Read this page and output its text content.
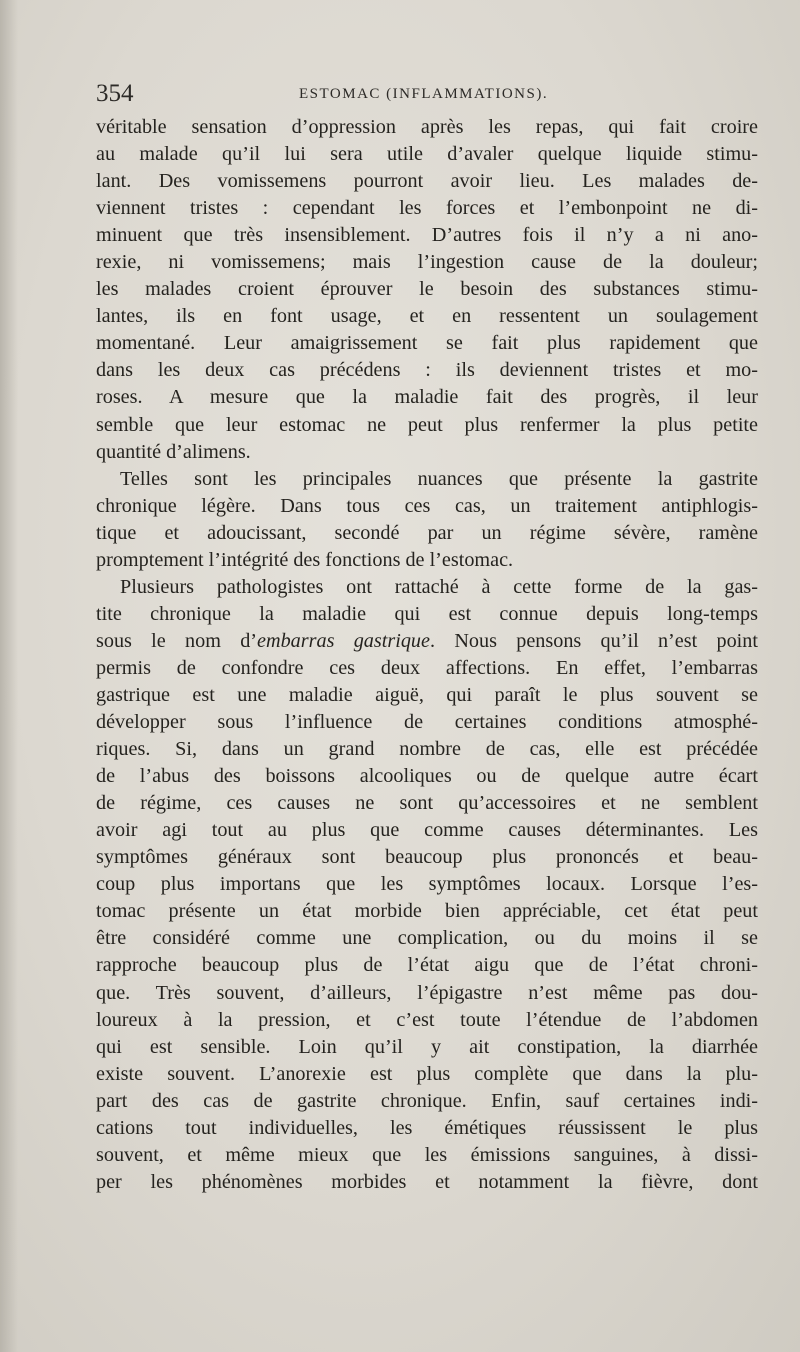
354	ESTOMAC (INFLAMMATIONS).
véritable sensation d’oppression après les repas, qui fait croire
au malade qu’il lui sera utile d’avaler quelque liquide stimu-
lant. Des vomissemens pourront avoir lieu. Les malades de-
viennent tristes : cependant les forces et l’embonpoint ne di-
minuent que très insensiblement. D’autres fois il n’y a ni ano-
rexie, ni vomissemens; mais l’ingestion cause de la douleur;
les malades croient éprouver le besoin des substances stimu-
lantes, ils en font usage, et en ressentent un soulagement
momentané. Leur amaigrissement se fait plus rapidement que
dans les deux cas précédens : ils deviennent tristes et mo-
roses. A mesure que la maladie fait des progrès, il leur
semble que leur estomac ne peut plus renfermer la plus petite
quantité d’alimens.
Telles sont les principales nuances que présente la gastrite
chronique légère. Dans tous ces cas, un traitement antiphlogis-
tique et adoucissant, secondé par un régime sévère, ramène
promptement l’intégrité des fonctions de l’estomac.
Plusieurs pathologistes ont rattaché à cette forme de la gas-
tite chronique la maladie qui est connue depuis long-temps
sous le nom d’embarras gastrique. Nous pensons qu’il n’est point
permis de confondre ces deux affections. En effet, l’embarras
gastrique est une maladie aiguë, qui paraît le plus souvent se
développer sous l’influence de certaines conditions atmosphé-
riques. Si, dans un grand nombre de cas, elle est précédée
de l’abus des boissons alcooliques ou de quelque autre écart
de régime, ces causes ne sont qu’accessoires et ne semblent
avoir agi tout au plus que comme causes déterminantes. Les
symptômes généraux sont beaucoup plus prononcés et beau-
coup plus importans que les symptômes locaux. Lorsque l’es-
tomac présente un état morbide bien appréciable, cet état peut
être considéré comme une complication, ou du moins il se
rapproche beaucoup plus de l’état aigu que de l’état chroni-
que. Très souvent, d’ailleurs, l’épigastre n’est même pas dou-
loureux à la pression, et c’est toute l’étendue de l’abdomen
qui est sensible. Loin qu’il y ait constipation, la diarrhée
existe souvent. L’anorexie est plus complète que dans la plu-
part des cas de gastrite chronique. Enfin, sauf certaines indi-
cations tout individuelles, les émétiques réussissent le plus
souvent, et même mieux que les émissions sanguines, à dissi-
per les phénomènes morbides et notamment la fièvre, dont
